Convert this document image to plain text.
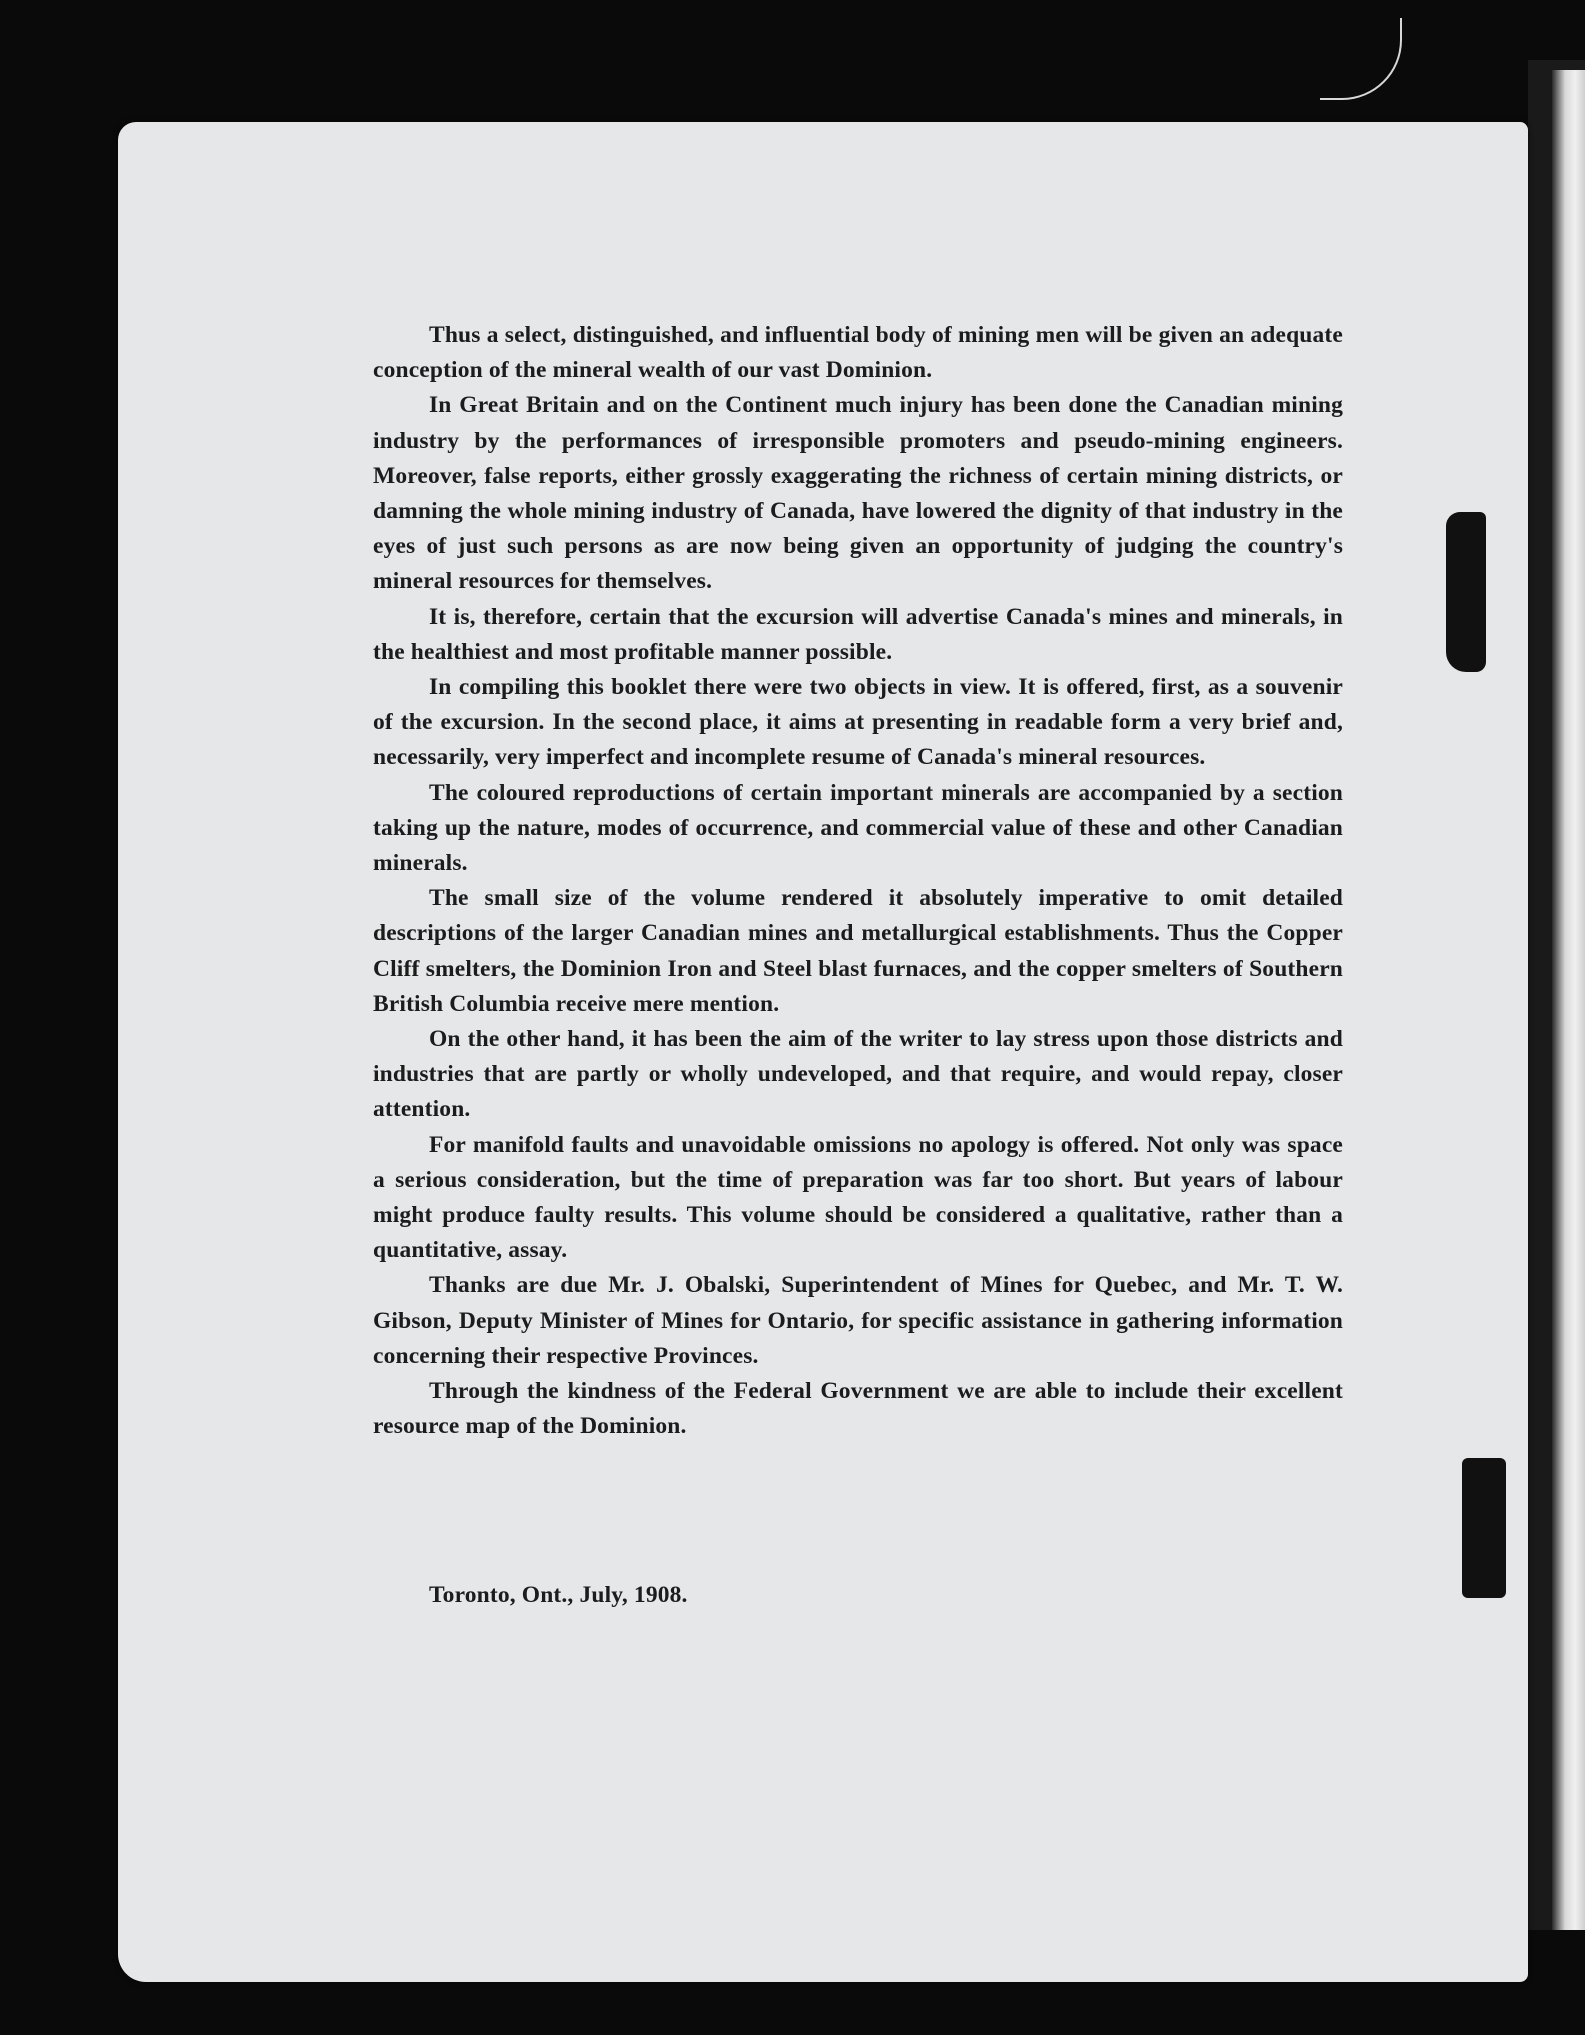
Thus a select, distinguished, and influential body of mining men will be given an adequate conception of the mineral wealth of our vast Dominion.

In Great Britain and on the Continent much injury has been done the Canadian mining industry by the performances of irresponsible promoters and pseudo-mining engineers. Moreover, false reports, either grossly exaggerating the richness of certain mining districts, or damning the whole mining industry of Canada, have lowered the dignity of that industry in the eyes of just such persons as are now being given an opportunity of judging the country's mineral resources for themselves.

It is, therefore, certain that the excursion will advertise Canada's mines and minerals, in the healthiest and most profitable manner possible.

In compiling this booklet there were two objects in view. It is offered, first, as a souvenir of the excursion. In the second place, it aims at presenting in readable form a very brief and, necessarily, very imperfect and incomplete resume of Canada's mineral resources.

The coloured reproductions of certain important minerals are accompanied by a section taking up the nature, modes of occurrence, and commercial value of these and other Canadian minerals.

The small size of the volume rendered it absolutely imperative to omit detailed descriptions of the larger Canadian mines and metallurgical establishments. Thus the Copper Cliff smelters, the Dominion Iron and Steel blast furnaces, and the copper smelters of Southern British Columbia receive mere mention.

On the other hand, it has been the aim of the writer to lay stress upon those districts and industries that are partly or wholly undeveloped, and that require, and would repay, closer attention.

For manifold faults and unavoidable omissions no apology is offered. Not only was space a serious consideration, but the time of preparation was far too short. But years of labour might produce faulty results. This volume should be considered a qualitative, rather than a quantitative, assay.

Thanks are due Mr. J. Obalski, Superintendent of Mines for Quebec, and Mr. T. W. Gibson, Deputy Minister of Mines for Ontario, for specific assistance in gathering information concerning their respective Provinces.

Through the kindness of the Federal Government we are able to include their excellent resource map of the Dominion.

Toronto, Ont., July, 1908.
